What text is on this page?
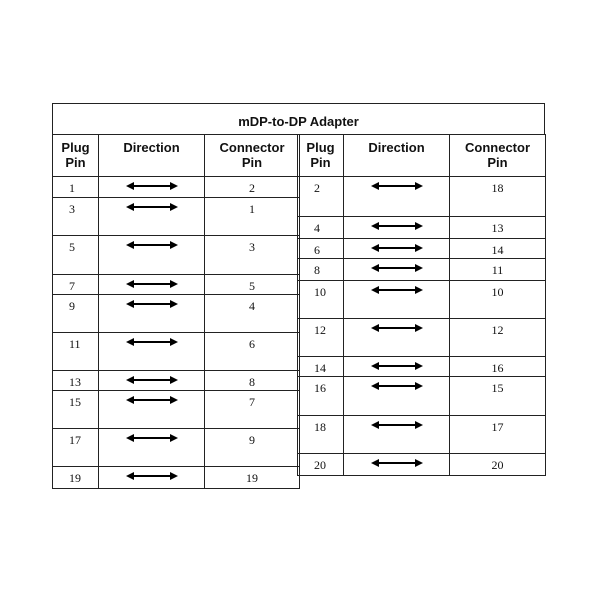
mDP-to-DP Adapter
Plug
Pin	Direction	Connector
Pin
1		2
3		1
5		3
7		5
9		4
11		6
13		8
15		7
17		9
19		19
Plug
Pin	Direction	Connector
Pin
2		18
4		13
6		14
8		11
10		10
12		12
14		16
16		15
18		17
20		20
